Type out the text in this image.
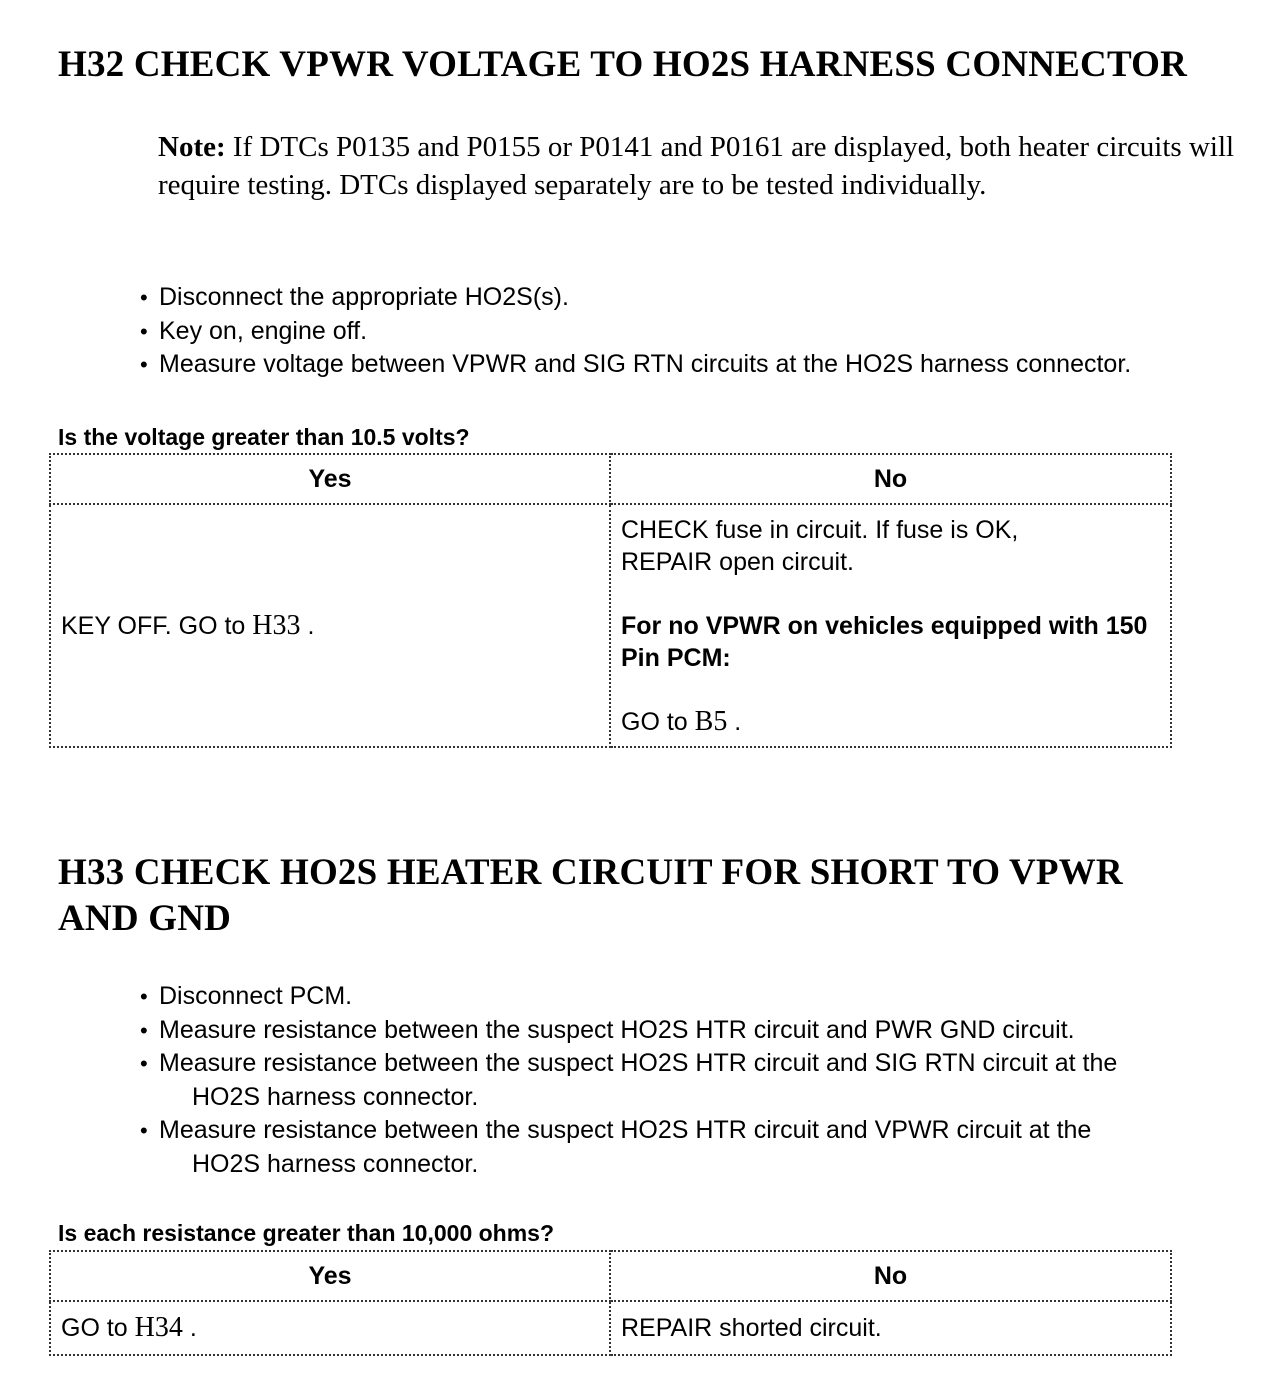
H32 CHECK VPWR VOLTAGE TO HO2S HARNESS CONNECTOR

Note: If DTCs P0135 and P0155 or P0141 and P0161 are displayed, both heater circuits will require testing. DTCs displayed separately are to be tested individually.

• Disconnect the appropriate HO2S(s).
• Key on, engine off.
• Measure voltage between VPWR and SIG RTN circuits at the HO2S harness connector.

Is the voltage greater than 10.5 volts?

Yes	No
KEY OFF. GO to H33 .	CHECK fuse in circuit. If fuse is OK, REPAIR open circuit.
For no VPWR on vehicles equipped with 150 Pin PCM:
GO to B5 .
H33 CHECK HO2S HEATER CIRCUIT FOR SHORT TO VPWR
AND GND
• Disconnect PCM.
• Measure resistance between the suspect HO2S HTR circuit and PWR GND circuit.
• Measure resistance between the suspect HO2S HTR circuit and SIG RTN circuit at the
HO2S harness connector.
• Measure resistance between the suspect HO2S HTR circuit and VPWR circuit at the
HO2S harness connector.

Is each resistance greater than 10,000 ohms?

Yes	No
GO to H34 .	REPAIR shorted circuit.
